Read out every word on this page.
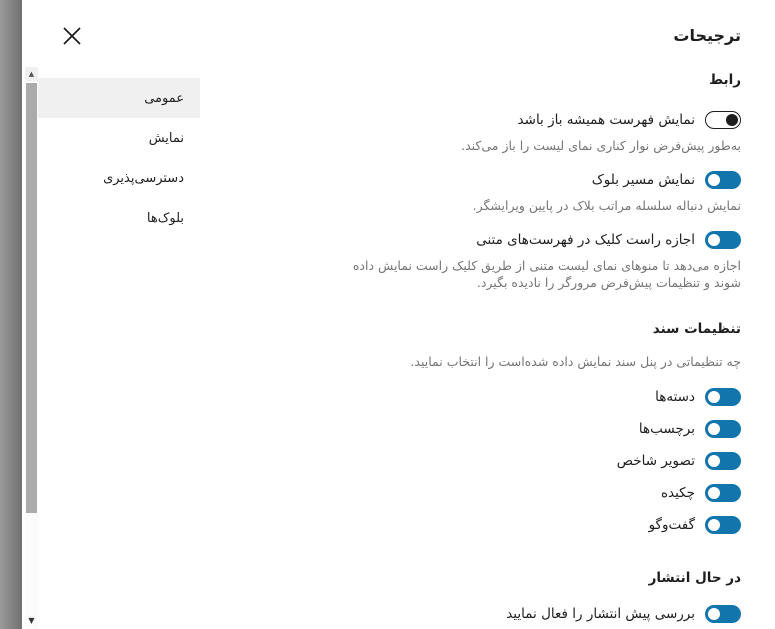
ترجیحات
▲
▼
عمومی
نمایش
دسترسی‌پذیری
بلوک‌ها
رابط
نمایش فهرست همیشه باز باشد

به‌طور پیش‌فرض نوار کناری نمای لیست را باز می‌کند.

نمایش مسیر بلوک

نمایش دنباله سلسله مراتب بلاک در پایین ویرایشگر.

اجازه راست کلیک در فهرست‌های متنی

اجازه می‌دهد تا منوهای نمای لیست متنی از طریق کلیک راست نمایش داده شوند و تنظیمات پیش‌فرض مرورگر را نادیده بگیرد.

تنظیمات سند

چه تنظیماتی در پنل سند نمایش داده شده‌است را انتخاب نمایید.

دسته‌ها
برچسب‌ها
تصویر شاخص
چکیده
گفت‌وگو
در حال انتشار
بررسی پیش انتشار را فعال نمایید
